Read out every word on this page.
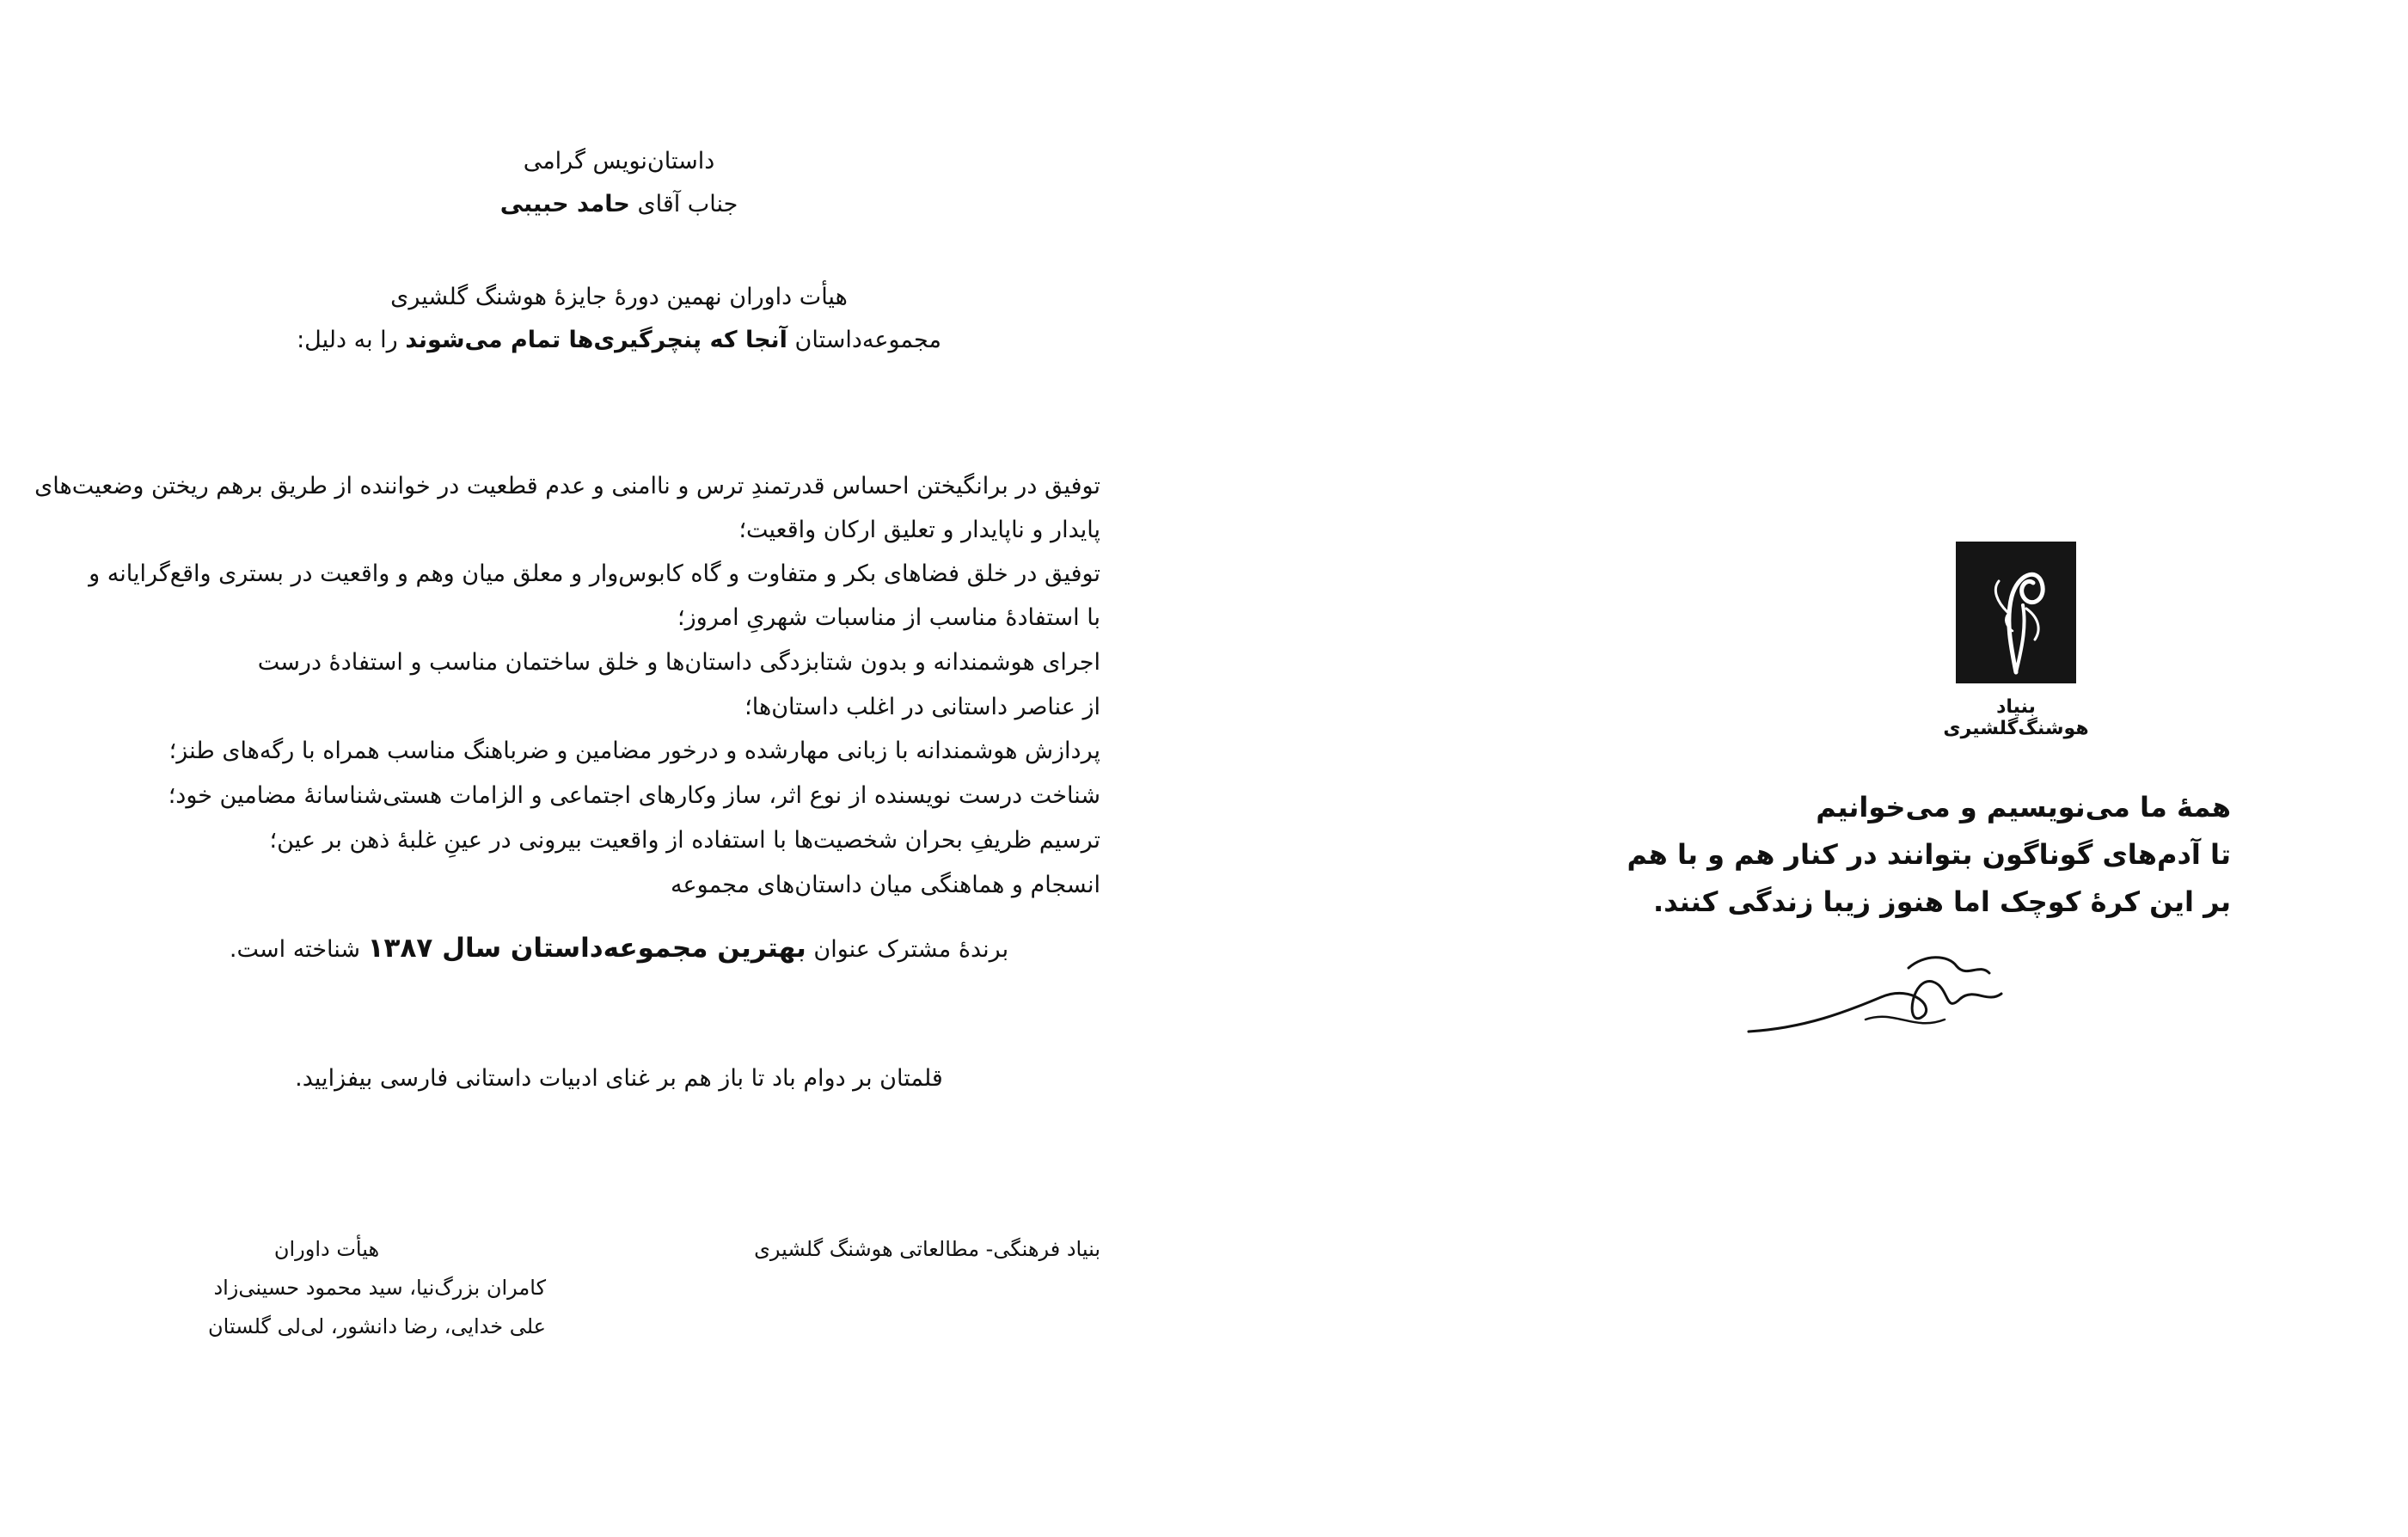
داستان‌نویس گرامی
جناب آقای حامد حبیبی
هیأت داوران نهمین دورهٔ جایزهٔ هوشنگ گلشیری
مجموعه‌داستان آنجا که پنچرگیری‌ها تمام می‌شوند را به دلیل:
توفیق در برانگیختن احساس قدرتمندِ ترس و ناامنی و عدم قطعیت در خواننده از طریق برهم ریختن وضعیت‌های
پایدار و ناپایدار و تعلیق ارکان واقعیت؛
توفیق در خلق فضاهای بکر و متفاوت و گاه کابوس‌وار و معلق میان وهم و واقعیت در بستری واقع‌گرایانه و
با استفادهٔ مناسب از مناسبات شهریِ امروز؛
اجرای هوشمندانه و بدون شتابزدگی داستان‌ها و خلق ساختمان مناسب و استفادهٔ درست
از عناصر داستانی در اغلب داستان‌ها؛
پردازش هوشمندانه با زبانی مهارشده و درخور مضامین و ضرباهنگ مناسب همراه با رگه‌های طنز؛
شناخت درست نویسنده از نوع اثر، ساز وکارهای اجتماعی و الزامات هستی‌شناسانهٔ مضامین خود؛
ترسیم ظریفِ بحران شخصیت‌ها با استفاده از واقعیت بیرونی در عینِ غلبهٔ ذهن بر عین؛
انسجام و هماهنگی میان داستان‌های مجموعه
برندهٔ مشترک عنوان بهترین مجموعه‌داستان سال ۱۳۸۷ شناخته است.
قلمتان بر دوام باد تا باز هم بر غنای ادبیات داستانی فارسی بیفزایید.
بنیاد فرهنگی- مطالعاتی هوشنگ گلشیری
هیأت داوران
کامران بزرگ‌نیا، سید محمود حسینی‌زاد
علی خدایی، رضا دانشور، لی‌لی گلستان
بنیاد هوشنگ‌گلشیری
همهٔ ما می‌نویسیم و می‌خوانیم
تا آدم‌های گوناگون بتوانند در کنار هم و با هم
بر این کرهٔ کوچک اما هنوز زیبا زندگی کنند.
